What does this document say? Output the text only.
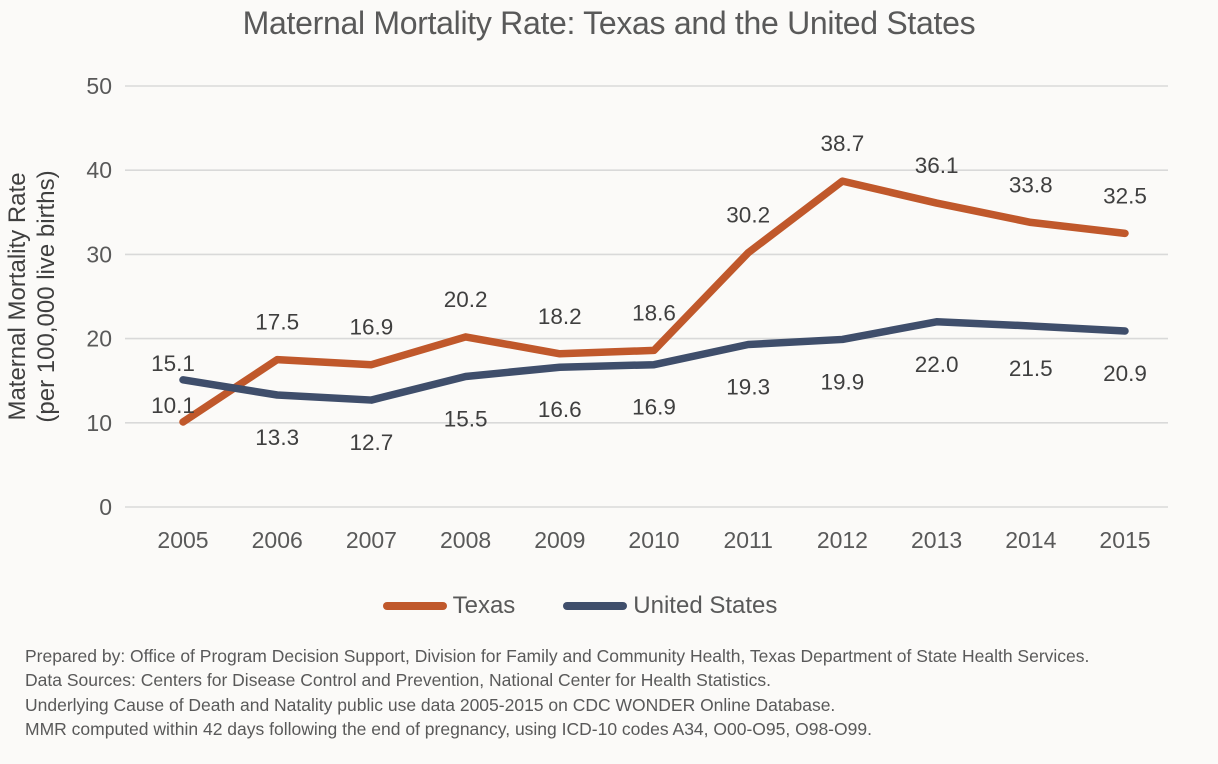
Maternal Mortality Rate: Texas and the United States
0
10
20
30
40
50
2005 2006 2007 2008 2009 2010 2011 2012 2013 2014 2015
Maternal Mortality Rate (per 100,000 live births)	10.1
17.5 16.9
20.2
18.2 18.6
30.2
38.7
36.1
33.8 32.5
15.1
13.3 12.7
15.5 16.6 16.9
19.3 19.9
22.0 21.5 20.9
Texas	United States
Prepared by: Office of Program Decision Support, Division for Family and Community Health, Texas Department of State Health Services.
Data Sources: Centers for Disease Control and Prevention, National Center for Health Statistics.
Underlying Cause of Death and Natality public use data 2005-2015 on CDC WONDER Online Database.
MMR computed within 42 days following the end of pregnancy, using ICD-10 codes A34, O00-O95, O98-O99.
